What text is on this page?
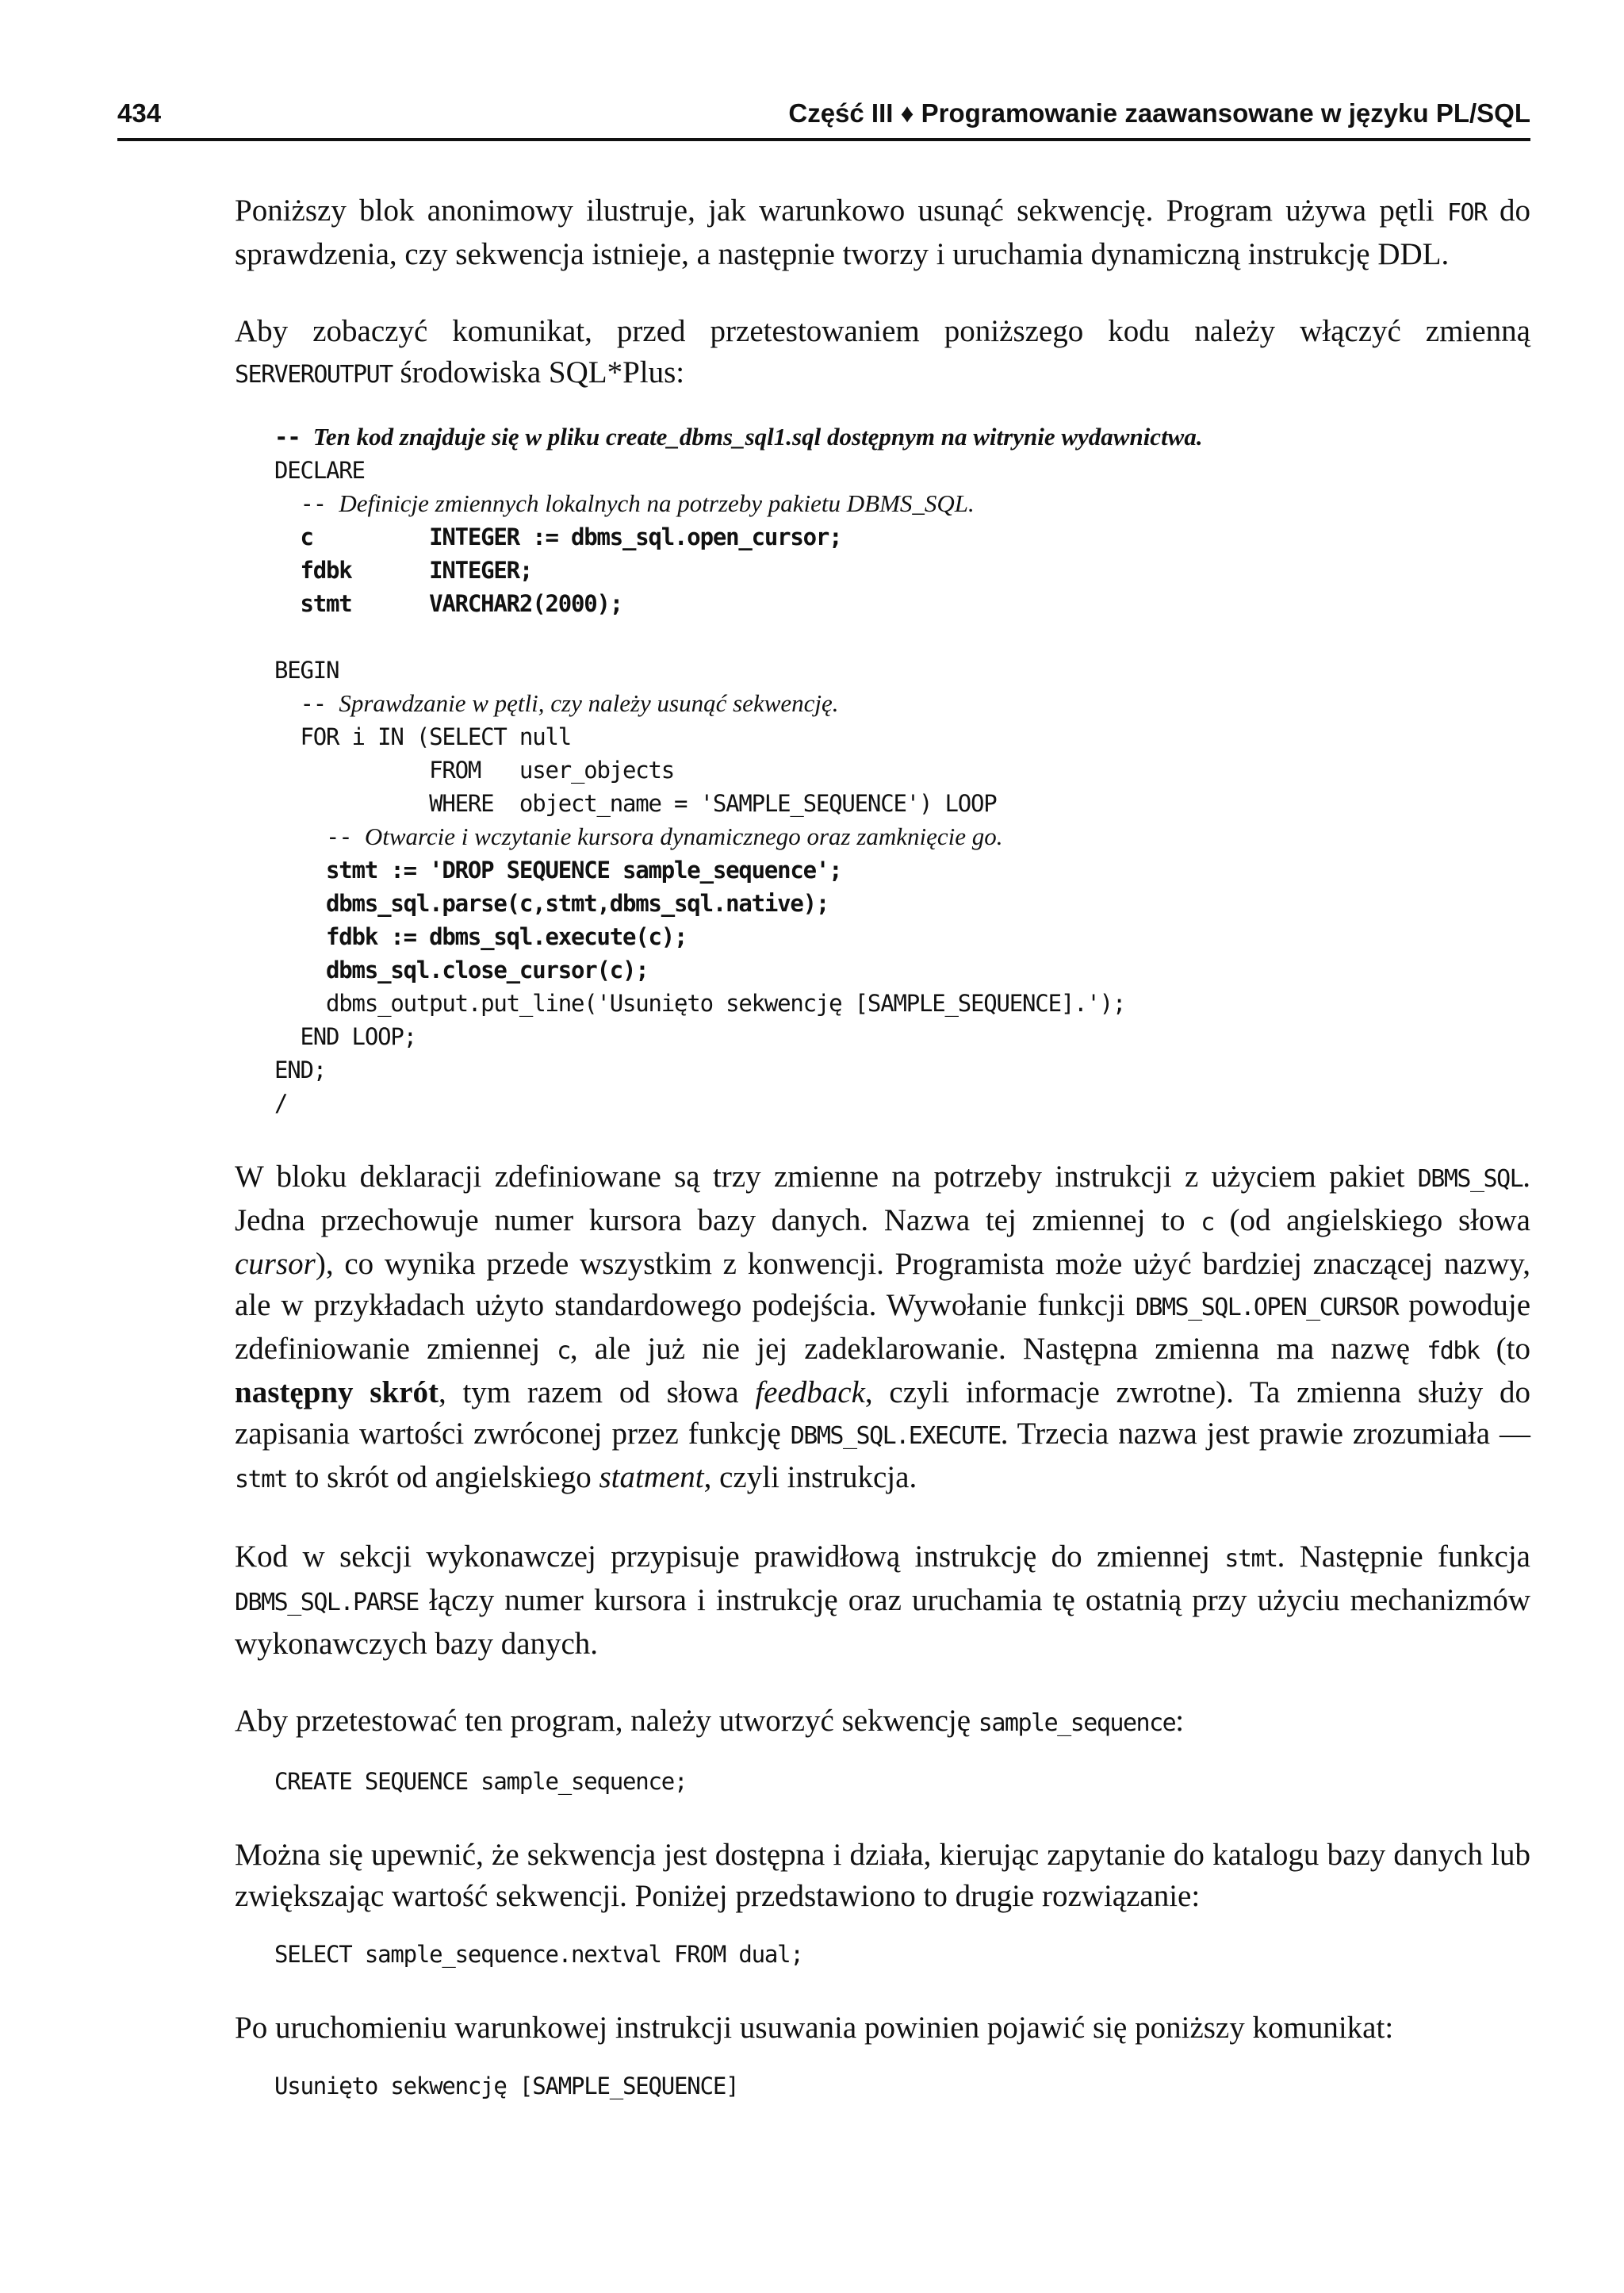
434	Część III ♦ Programowanie zaawansowane w języku PL/SQL

Poniższy blok anonimowy ilustruje, jak warunkowo usunąć sekwencję. Program używa pętli FOR do sprawdzenia, czy sekwencja istnieje, a następnie tworzy i uruchamia dynamiczną instrukcję DDL.

Aby zobaczyć komunikat, przed przetestowaniem poniższego kodu należy włączyć zmienną SERVEROUTPUT środowiska SQL*Plus:

-- Ten kod znajduje się w pliku create_dbms_sql1.sql dostępnym na witrynie wydawnictwa.
DECLARE
-- Definicje zmiennych lokalnych na potrzeby pakietu DBMS_SQL.
c         INTEGER := dbms_sql.open_cursor;
fdbk      INTEGER;
stmt      VARCHAR2(2000);
BEGIN
-- Sprawdzanie w pętli, czy należy usunąć sekwencję.
FOR i IN (SELECT null
FROM   user_objects
WHERE  object_name = 'SAMPLE_SEQUENCE') LOOP
-- Otwarcie i wczytanie kursora dynamicznego oraz zamknięcie go.
stmt := 'DROP SEQUENCE sample_sequence';
dbms_sql.parse(c,stmt,dbms_sql.native);
fdbk := dbms_sql.execute(c);
dbms_sql.close_cursor(c);
dbms_output.put_line('Usunięto sekwencję [SAMPLE_SEQUENCE].');
END LOOP;
END;
/

W bloku deklaracji zdefiniowane są trzy zmienne na potrzeby instrukcji z użyciem pakiet DBMS_SQL. Jedna przechowuje numer kursora bazy danych. Nazwa tej zmiennej to c (od angielskiego słowa cursor), co wynika przede wszystkim z konwencji. Programista może użyć bardziej znaczącej nazwy, ale w przykładach użyto standardowego podejścia. Wywołanie funkcji DBMS_SQL.OPEN_CURSOR powoduje zdefiniowanie zmiennej c, ale już nie jej zadeklarowanie. Następna zmienna ma nazwę fdbk (to następny skrót, tym razem od słowa feedback, czyli informacje zwrotne). Ta zmienna służy do zapisania wartości zwróconej przez funkcję DBMS_SQL.EXECUTE. Trzecia nazwa jest prawie zrozumiała — stmt to skrót od angielskiego statment, czyli instrukcja.

Kod w sekcji wykonawczej przypisuje prawidłową instrukcję do zmiennej stmt. Następnie funkcja DBMS_SQL.PARSE łączy numer kursora i instrukcję oraz uruchamia tę ostatnią przy użyciu mechanizmów wykonawczych bazy danych.

Aby przetestować ten program, należy utworzyć sekwencję sample_sequence:

CREATE SEQUENCE sample_sequence;

Można się upewnić, że sekwencja jest dostępna i działa, kierując zapytanie do katalogu bazy danych lub zwiększając wartość sekwencji. Poniżej przedstawiono to drugie rozwiązanie:

SELECT sample_sequence.nextval FROM dual;

Po uruchomieniu warunkowej instrukcji usuwania powinien pojawić się poniższy komunikat:

Usunięto sekwencję [SAMPLE_SEQUENCE]
